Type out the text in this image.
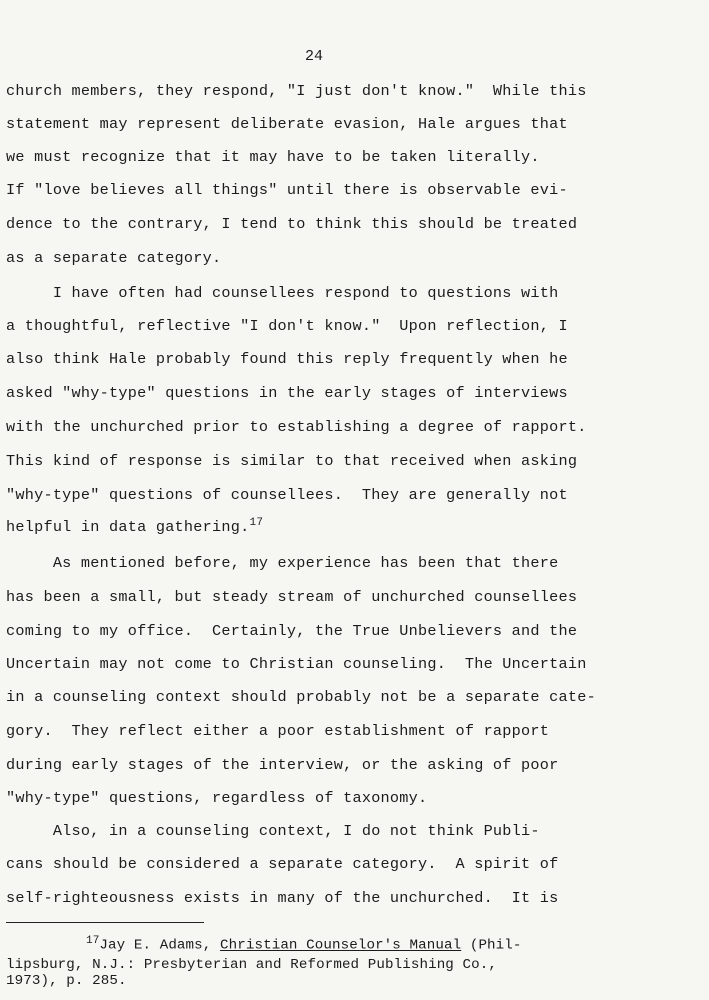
24
church members, they respond, "I just don't know."  While this
statement may represent deliberate evasion, Hale argues that
we must recognize that it may have to be taken literally.
If "love believes all things" until there is observable evi-
dence to the contrary, I tend to think this should be treated
as a separate category.
I have often had counsellees respond to questions with
a thoughtful, reflective "I don't know."  Upon reflection, I
also think Hale probably found this reply frequently when he
asked "why-type" questions in the early stages of interviews
with the unchurched prior to establishing a degree of rapport.
This kind of response is similar to that received when asking
"why-type" questions of counsellees.  They are generally not
helpful in data gathering.$^{17}$
As mentioned before, my experience has been that there
has been a small, but steady stream of unchurched counsellees
coming to my office.  Certainly, the True Unbelievers and the
Uncertain may not come to Christian counseling.  The Uncertain
in a counseling context should probably not be a separate cate-
gory.  They reflect either a poor establishment of rapport
during early stages of the interview, or the asking of poor
"why-type" questions, regardless of taxonomy.
Also, in a counseling context, I do not think Publi-
cans should be considered a separate category.  A spirit of
self-righteousness exists in many of the unchurched.  It is
$^{17}$Jay E. Adams, Christian Counselor's Manual (Phil-
lipsburg, N.J.: Presbyterian and Reformed Publishing Co.,
1973), p. 285.
